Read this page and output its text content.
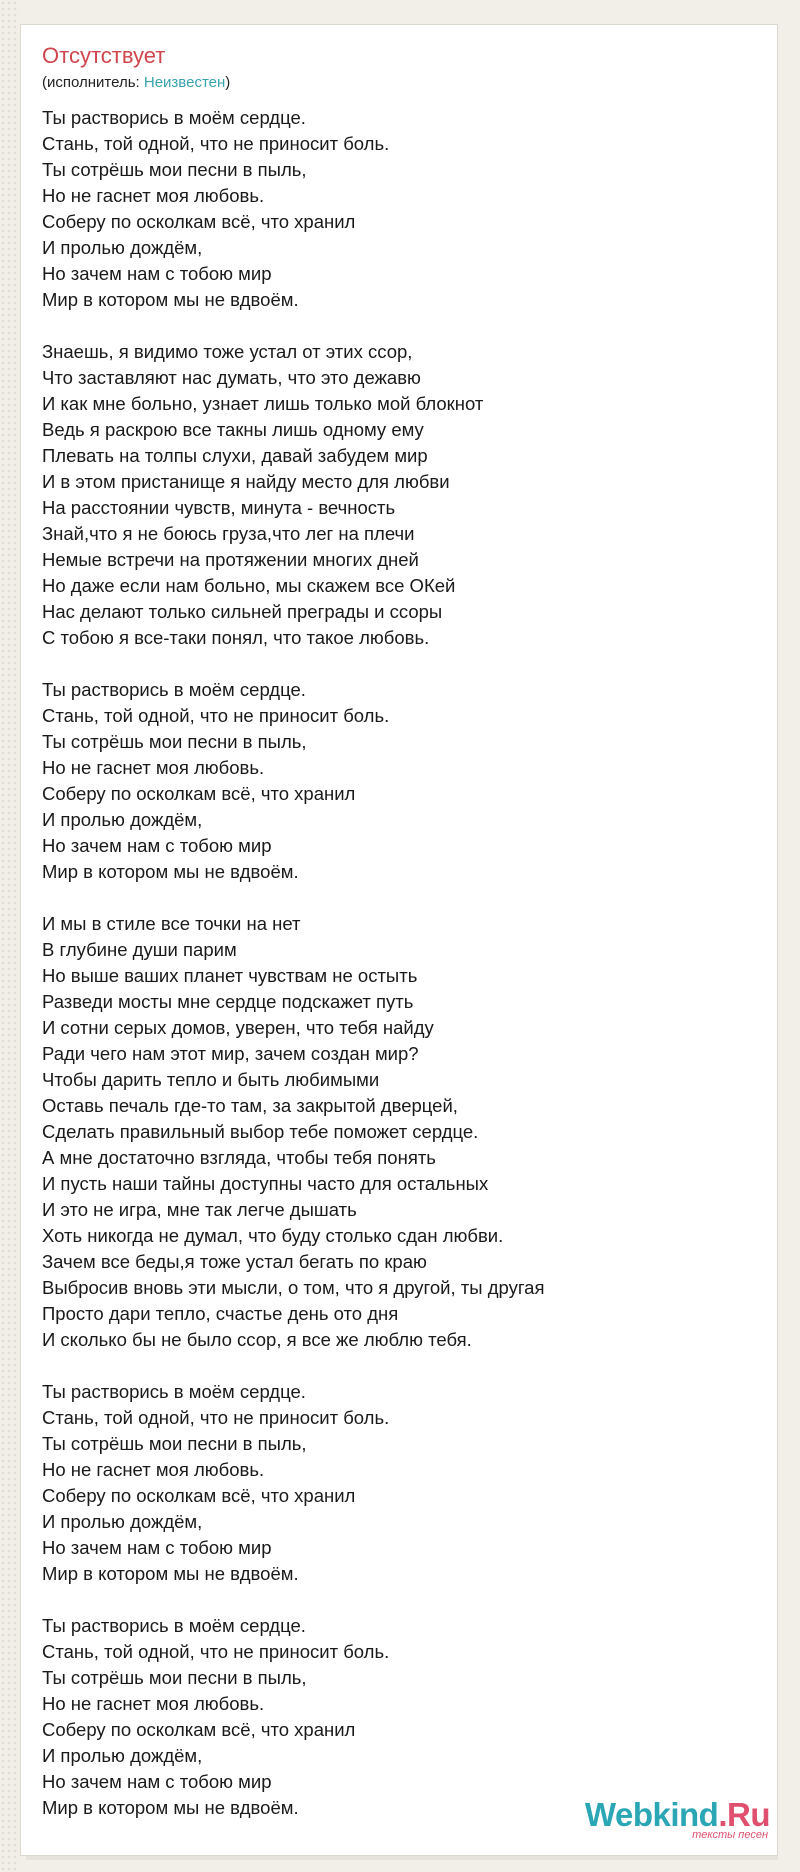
Отсутствует
(исполнитель: Неизвестен)

Ты растворись в моём сердце.
Стань, той одной, что не приносит боль.
Ты сотрёшь мои песни в пыль,
Но не гаснет моя любовь.
Соберу по осколкам всё, что хранил
И пролью дождём,
Но зачем нам с тобою мир
Мир в котором мы не вдвоём.

Знаешь, я видимо тоже устал от этих ссор,
Что заставляют нас думать, что это дежавю
И как мне больно, узнает лишь только мой блокнот
Ведь я раскрою все такны лишь одному ему
Плевать на толпы слухи, давай забудем мир
И в этом пристанище я найду место для любви
На расстоянии чувств, минута - вечность
Знай,что я не боюсь груза,что лег на плечи
Немые встречи на протяжении многих дней
Но даже если нам больно, мы скажем все ОКей
Нас делают только сильней преграды и ссоры
С тобою я все-таки понял, что такое любовь.

Ты растворись в моём сердце.
Стань, той одной, что не приносит боль.
Ты сотрёшь мои песни в пыль,
Но не гаснет моя любовь.
Соберу по осколкам всё, что хранил
И пролью дождём,
Но зачем нам с тобою мир
Мир в котором мы не вдвоём.

И мы в стиле все точки на нет
В глубине души парим
Но выше ваших планет чувствам не остыть
Разведи мосты мне сердце подскажет путь
И сотни серых домов, уверен, что тебя найду
Ради чего нам этот мир, зачем создан мир?
Чтобы дарить тепло и быть любимыми
Оставь печаль где-то там, за закрытой дверцей,
Сделать правильный выбор тебе поможет сердце.
А мне достаточно взгляда, чтобы тебя понять
И пусть наши тайны доступны часто для остальных
И это не игра, мне так легче дышать
Хоть никогда не думал, что буду столько сдан любви.
Зачем все беды,я тоже устал бегать по краю
Выбросив вновь эти мысли, о том, что я другой, ты другая
Просто дари тепло, счастье день ото дня
И сколько бы не было ссор, я все же люблю тебя.

Ты растворись в моём сердце.
Стань, той одной, что не приносит боль.
Ты сотрёшь мои песни в пыль,
Но не гаснет моя любовь.
Соберу по осколкам всё, что хранил
И пролью дождём,
Но зачем нам с тобою мир
Мир в котором мы не вдвоём.

Ты растворись в моём сердце.
Стань, той одной, что не приносит боль.
Ты сотрёшь мои песни в пыль,
Но не гаснет моя любовь.
Соберу по осколкам всё, что хранил
И пролью дождём,
Но зачем нам с тобою мир
Мир в котором мы не вдвоём.	Webkind.Ru
тексты песен
